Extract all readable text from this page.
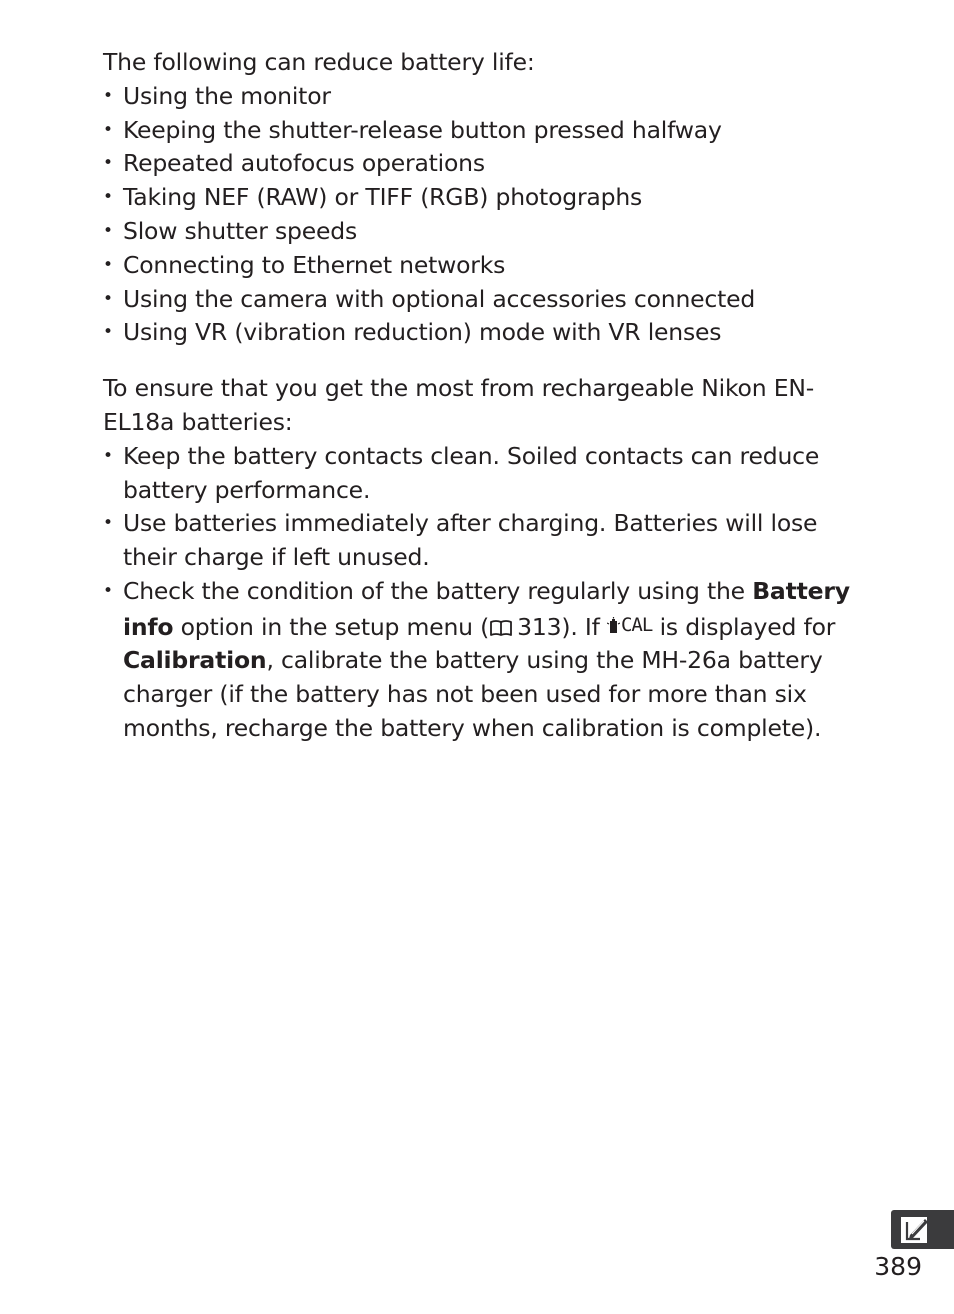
The following can reduce battery life:

• Using the monitor
• Keeping the shutter-release button pressed halfway
• Repeated autofocus operations
• Taking NEF (RAW) or TIFF (RGB) photographs
• Slow shutter speeds
• Connecting to Ethernet networks
• Using the camera with optional accessories connected
• Using VR (vibration reduction) mode with VR lenses

To ensure that you get the most from rechargeable Nikon EN-EL18a batteries:

• Keep the battery contacts clean. Soiled contacts can reduce battery performance.
• Use batteries immediately after charging. Batteries will lose their charge if left unused.
• Check the condition of the battery regularly using the Battery info option in the setup menu ( 313). If CAL is displayed for Calibration, calibrate the battery using the MH-26a battery charger (if the battery has not been used for more than six months, recharge the battery when calibration is complete).
389
